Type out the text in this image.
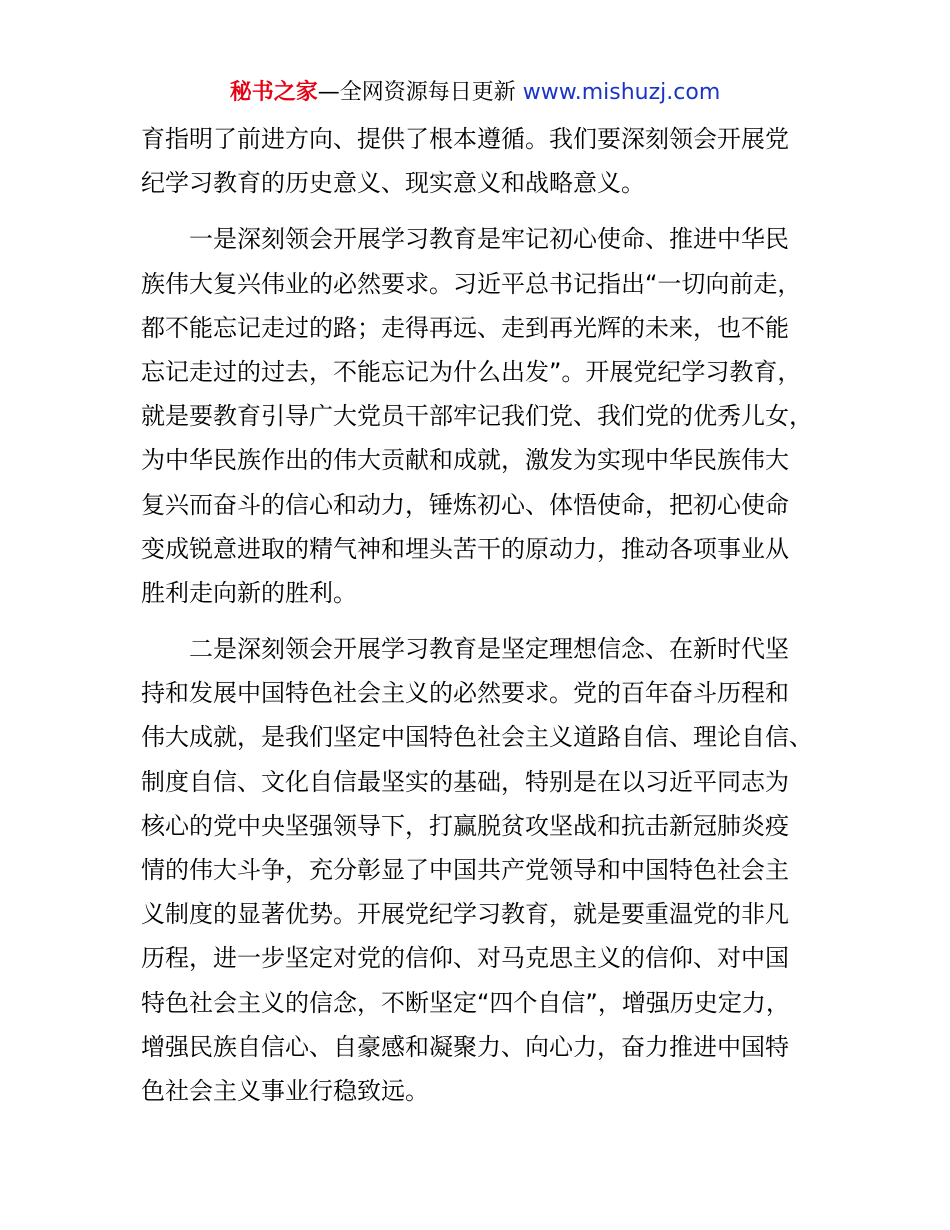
秘书之家—全网资源每日更新 www.mishuzj.com
育指明了前进方向、提供了根本遵循。我们要深刻领会开展党
纪学习教育的历史意义、现实意义和战略意义。
一是深刻领会开展学习教育是牢记初心使命、推进中华民
族伟大复兴伟业的必然要求。习近平总书记指出“一切向前走，
都不能忘记走过的路；走得再远、走到再光辉的未来，也不能
忘记走过的过去，不能忘记为什么出发”。开展党纪学习教育，
就是要教育引导广大党员干部牢记我们党、我们党的优秀儿女，
为中华民族作出的伟大贡献和成就，激发为实现中华民族伟大
复兴而奋斗的信心和动力，锤炼初心、体悟使命，把初心使命
变成锐意进取的精气神和埋头苦干的原动力，推动各项事业从
胜利走向新的胜利。
二是深刻领会开展学习教育是坚定理想信念、在新时代坚
持和发展中国特色社会主义的必然要求。党的百年奋斗历程和
伟大成就，是我们坚定中国特色社会主义道路自信、理论自信、
制度自信、文化自信最坚实的基础，特别是在以习近平同志为
核心的党中央坚强领导下，打赢脱贫攻坚战和抗击新冠肺炎疫
情的伟大斗争，充分彰显了中国共产党领导和中国特色社会主
义制度的显著优势。开展党纪学习教育，就是要重温党的非凡
历程，进一步坚定对党的信仰、对马克思主义的信仰、对中国
特色社会主义的信念，不断坚定“四个自信”，增强历史定力，
增强民族自信心、自豪感和凝聚力、向心力，奋力推进中国特
色社会主义事业行稳致远。
